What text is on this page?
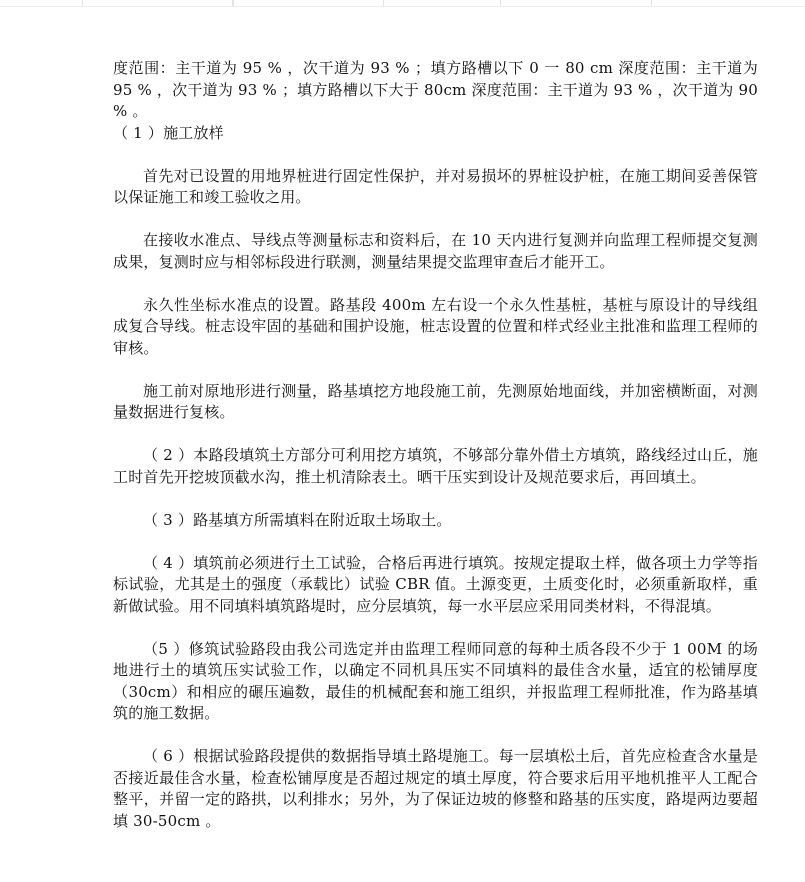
度范围：主干道为 95 % ，次干道为 93 % ；填方路槽以下 0 一 80 cm 深度范围：主干道为 95 % ，次干道为 93 % ；填方路槽以下大于 80cm 深度范围：主干道为 93 % ，次干道为 90 % 。

（ 1 ）施工放样

首先对已设置的用地界桩进行固定性保护，并对易损坏的界桩设护桩，在施工期间妥善保管以保证施工和竣工验收之用。

在接收水准点、导线点等测量标志和资料后，在 10 天内进行复测并向监理工程师提交复测成果，复测时应与相邻标段进行联测，测量结果提交监理审查后才能开工。

永久性坐标水准点的设置。路基段 400m 左右设一个永久性基桩，基桩与原设计的导线组成复合导线。桩志设牢固的基础和围护设施，桩志设置的位置和样式经业主批准和监理工程师的审核。

施工前对原地形进行测量，路基填挖方地段施工前，先测原始地面线，并加密横断面，对测量数据进行复核。

（ 2 ）本路段填筑土方部分可利用挖方填筑，不够部分靠外借土方填筑，路线经过山丘，施工时首先开挖坡顶截水沟，推土机清除表土。晒干压实到设计及规范要求后，再回填土。

（ 3 ）路基填方所需填料在附近取土场取土。

（ 4 ）填筑前必须进行土工试验，合格后再进行填筑。按规定提取土样，做各项土力学等指标试验，尤其是土的强度（承载比）试验 CBR 值。土源变更，土质变化时，必须重新取样，重新做试验。用不同填料填筑路堤时，应分层填筑，每一水平层应采用同类材料，不得混填。

（5 ）修筑试验路段由我公司选定并由监理工程师同意的每种土质各段不少于 1 00M 的场地进行土的填筑压实试验工作，以确定不同机具压实不同填料的最佳含水量，适宜的松铺厚度（30cm）和相应的碾压遍数，最佳的机械配套和施工组织，并报监理工程师批准，作为路基填筑的施工数据。

（ 6 ）根据试验路段提供的数据指导填土路堤施工。每一层填松土后，首先应检查含水量是否接近最佳含水量，检查松铺厚度是否超过规定的填土厚度，符合要求后用平地机推平人工配合整平，并留一定的路拱，以利排水；另外，为了保证边坡的修整和路基的压实度，路堤两边要超填 30-50cm 。
